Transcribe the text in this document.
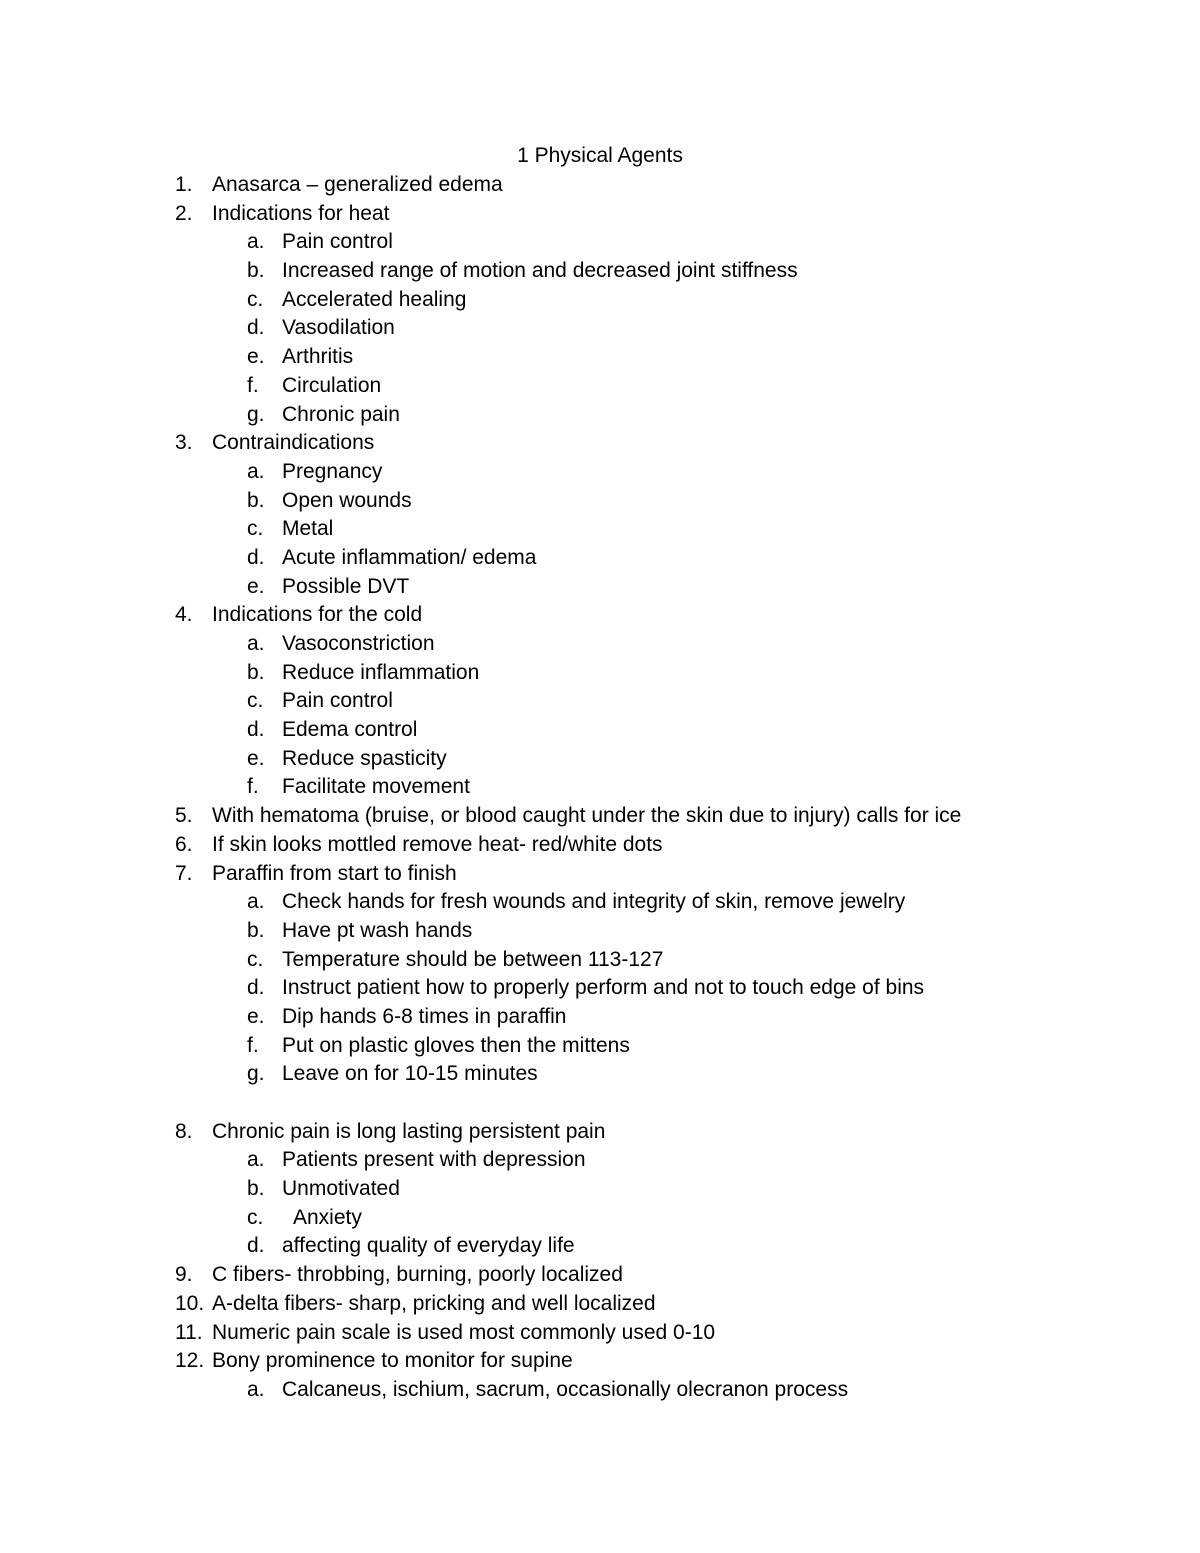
1 Physical Agents
1. Anasarca – generalized edema
2. Indications for heat
a. Pain control
b. Increased range of motion and decreased joint stiffness
c. Accelerated healing
d. Vasodilation
e. Arthritis
f. Circulation
g. Chronic pain
3. Contraindications
a. Pregnancy
b. Open wounds
c. Metal
d. Acute inflammation/ edema
e. Possible DVT
4. Indications for the cold
a. Vasoconstriction
b. Reduce inflammation
c. Pain control
d. Edema control
e. Reduce spasticity
f. Facilitate movement
5. With hematoma (bruise, or blood caught under the skin due to injury) calls for ice
6. If skin looks mottled remove heat- red/white dots
7. Paraffin from start to finish
a. Check hands for fresh wounds and integrity of skin, remove jewelry
b. Have pt wash hands
c. Temperature should be between 113-127
d. Instruct patient how to properly perform and not to touch edge of bins
e. Dip hands 6-8 times in paraffin
f. Put on plastic gloves then the mittens
g. Leave on for 10-15 minutes
8. Chronic pain is long lasting persistent pain
a. Patients present with depression
b. Unmotivated
c. Anxiety
d. affecting quality of everyday life
9. C fibers- throbbing, burning, poorly localized
10. A-delta fibers- sharp, pricking and well localized
11. Numeric pain scale is used most commonly used 0-10
12. Bony prominence to monitor for supine
a. Calcaneus, ischium, sacrum, occasionally olecranon process
